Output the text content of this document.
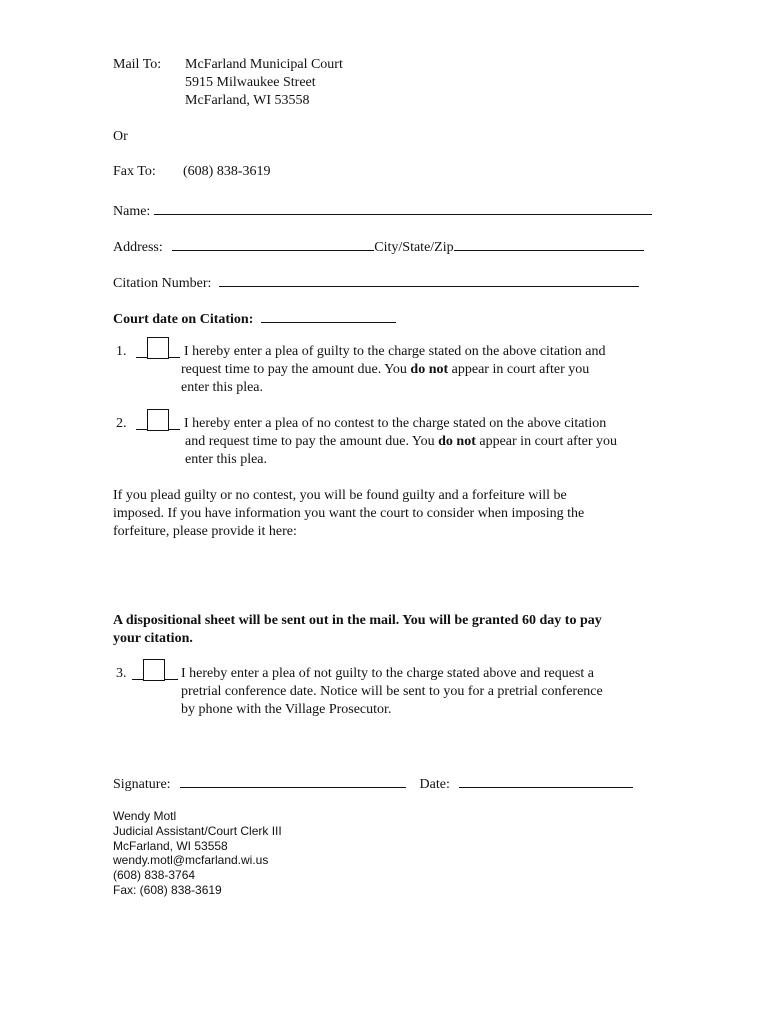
Mail To: McFarland Municipal Court
5915 Milwaukee Street
McFarland, WI 53558
Or
Fax To: (608) 838-3619
Name:
Address:	City/State/Zip
Citation Number:
Court date on Citation:
1.	I hereby enter a plea of guilty to the charge stated on the above citation and
request time to pay the amount due. You do not appear in court after you
enter this plea.
2.	I hereby enter a plea of no contest to the charge stated on the above citation
and request time to pay the amount due. You do not appear in court after you
enter this plea.
If you plead guilty or no contest, you will be found guilty and a forfeiture will be
imposed. If you have information you want the court to consider when imposing the
forfeiture, please provide it here:
A dispositional sheet will be sent out in the mail. You will be granted 60 day to pay
your citation.
3.	I hereby enter a plea of not guilty to the charge stated above and request a
pretrial conference date. Notice will be sent to you for a pretrial conference
by phone with the Village Prosecutor.
Signature:	Date:
Wendy Motl
Judicial Assistant/Court Clerk III
McFarland, WI 53558
wendy.motl@mcfarland.wi.us
(608) 838-3764
Fax: (608) 838-3619
